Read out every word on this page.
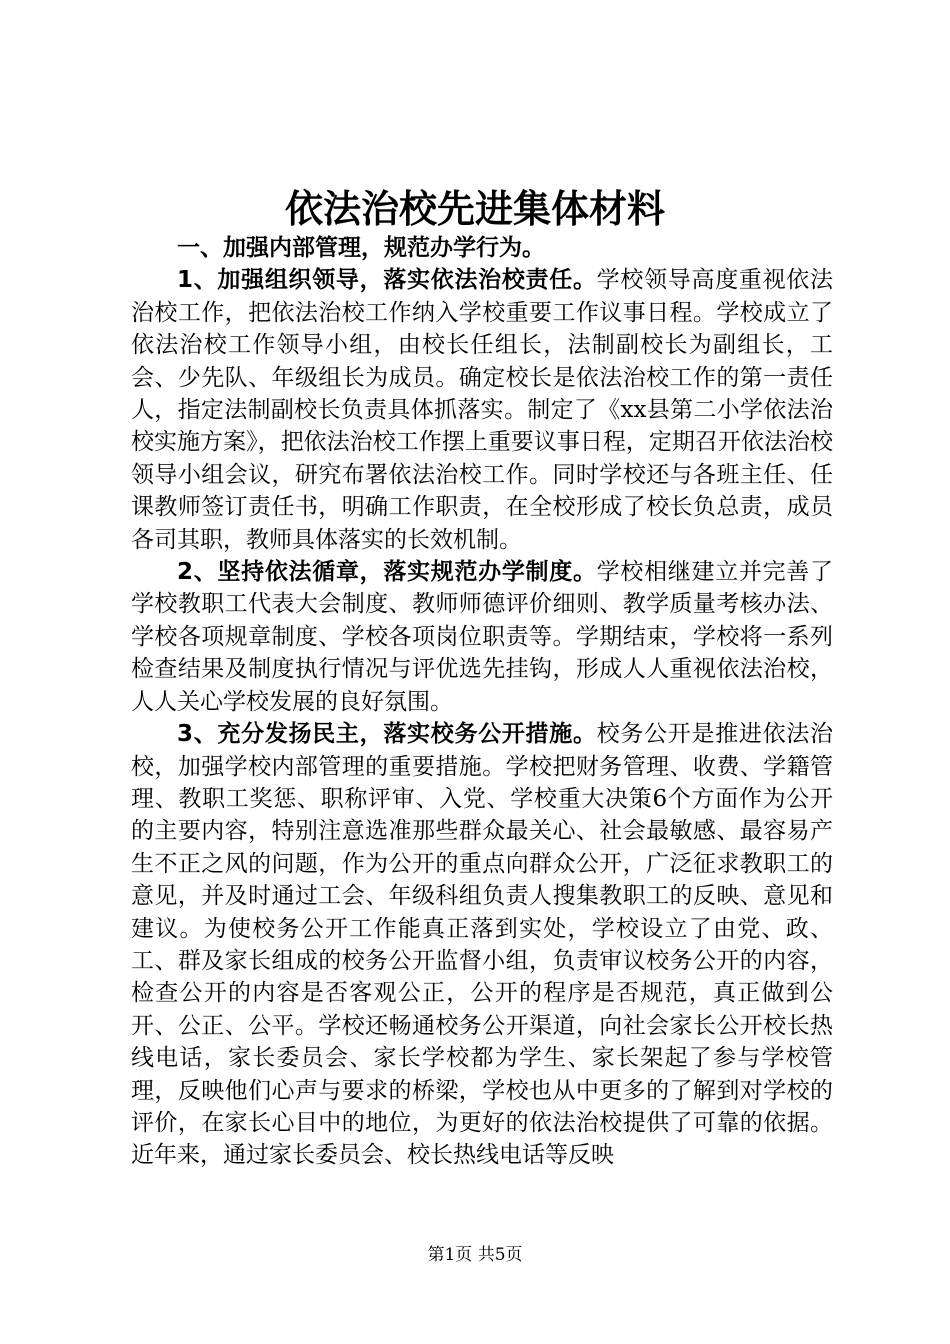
依法治校先进集体材料

一、加强内部管理，规范办学行为。

1、加强组织领导，落实依法治校责任。学校领导高度重视依法治校工作，把依法治校工作纳入学校重要工作议事日程。学校成立了依法治校工作领导小组，由校长任组长，法制副校长为副组长，工会、少先队、年级组长为成员。确定校长是依法治校工作的第一责任人，指定法制副校长负责具体抓落实。制定了《xx县第二小学依法治校实施方案》，把依法治校工作摆上重要议事日程，定期召开依法治校领导小组会议，研究布署依法治校工作。同时学校还与各班主任、任课教师签订责任书，明确工作职责，在全校形成了校长负总责，成员各司其职，教师具体落实的长效机制。

2、坚持依法循章，落实规范办学制度。学校相继建立并完善了学校教职工代表大会制度、教师师德评价细则、教学质量考核办法、学校各项规章制度、学校各项岗位职责等。学期结束，学校将一系列检查结果及制度执行情况与评优选先挂钩，形成人人重视依法治校，人人关心学校发展的良好氛围。

3、充分发扬民主，落实校务公开措施。校务公开是推进依法治校，加强学校内部管理的重要措施。学校把财务管理、收费、学籍管理、教职工奖惩、职称评审、入党、学校重大决策6个方面作为公开的主要内容，特别注意选准那些群众最关心、社会最敏感、最容易产生不正之风的问题，作为公开的重点向群众公开，广泛征求教职工的意见，并及时通过工会、年级科组负责人搜集教职工的反映、意见和建议。为使校务公开工作能真正落到实处，学校设立了由党、政、工、群及家长组成的校务公开监督小组，负责审议校务公开的内容，检查公开的内容是否客观公正，公开的程序是否规范，真正做到公开、公正、公平。学校还畅通校务公开渠道，向社会家长公开校长热线电话，家长委员会、家长学校都为学生、家长架起了参与学校管理，反映他们心声与要求的桥梁，学校也从中更多的了解到对学校的评价，在家长心目中的地位，为更好的依法治校提供了可靠的依据。近年来，通过家长委员会、校长热线电话等反映

第1页 共5页
